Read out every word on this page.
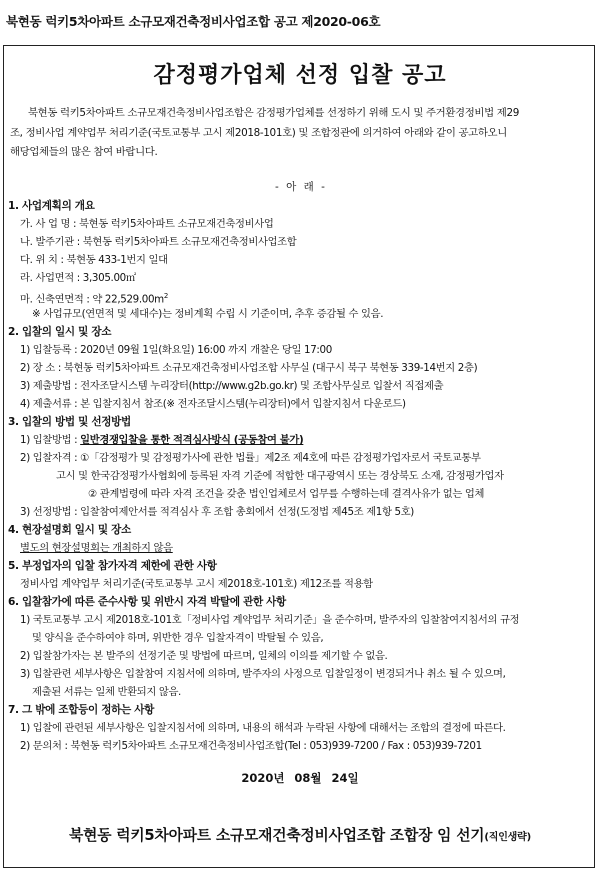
북현동 럭키5차아파트 소규모재건축정비사업조합 공고 제2020-06호
감정평가업체 선정 입찰 공고
북현동 럭키5차아파트 소규모재건축정비사업조합은 감정평가업체를 선정하기 위해 도시 및 주거환경정비법 제29
조, 정비사업 계약업무 처리기준(국토교통부 고시 제2018-101호) 및 조합정관에 의거하여 아래와 같이 공고하오니
해당업체들의 많은 참여 바랍니다.
- 아 래 -
1. 사업계획의 개요
가. 사 업 명 : 북현동 럭키5차아파트 소규모재건축정비사업
나. 발주기관 : 북현동 럭키5차아파트 소규모재건축정비사업조합
다. 위 치 : 북현동 433-1번지 일대
라. 사업면적 : 3,305.00㎡
마. 신축연면적 : 약 $22,529.00m^2$
※ 사업규모(연면적 및 세대수)는 정비계획 수립 시 기준이며, 추후 증감될 수 있음.
2. 입찰의 일시 및 장소
1) 입찰등록 : 2020년 09월 1일(화요일) 16:00 까지 개찰은 당일 17:00
2) 장 소 : 북현동 럭키5차아파트 소규모재건축정비사업조합 사무실 (대구시 북구 북현동 339-14번지 2층)
3) 제출방법 : 전자조달시스템 누리장터(http://www.g2b.go.kr) 및 조합사무실로 입찰서 직접제출
4) 제출서류 : 본 입찰지침서 참조(※ 전자조달시스템(누리장터)에서 입찰지침서 다운로드)
3. 입찰의 방법 및 선정방법
1) 입찰방법 : 일반경쟁입찰을 통한 적격심사방식 (공동참여 불가)
2) 입찰자격 : ①「감정평가 및 감정평가사에 관한 법률」제2조 제4호에 따른 감정평가업자로서 국토교통부
고시 및 한국감정평가사협회에 등록된 자격 기준에 적합한 대구광역시 또는 경상북도 소재, 감정평가업자
② 관계법령에 따라 자격 조건을 갖춘 법인업체로서 업무를 수행하는데 결격사유가 없는 업체
3) 선정방법 : 입찰참여제안서를 적격심사 후 조합 총회에서 선정(도정법 제45조 제1항 5호)
4. 현장설명회 일시 및 장소
별도의 현장설명회는 개최하지 않음
5. 부정업자의 입찰 참가자격 제한에 관한 사항
정비사업 계약업무 처리기준(국토교통부 고시 제2018호-101호) 제12조를 적용함
6. 입찰참가에 따른 준수사항 및 위반시 자격 박탈에 관한 사항
1) 국토교통부 고시 제2018호-101호「정비사업 계약업무 처리기준」을 준수하며, 발주자의 입찰참여지침서의 규정
및 양식을 준수하여야 하며, 위반한 경우 입찰자격이 박탈될 수 있음,
2) 입찰참가자는 본 발주의 선정기준 및 방법에 따르며, 일체의 이의를 제기할 수 없음.
3) 입찰관련 세부사항은 입찰참여 지침서에 의하며, 발주자의 사정으로 입찰일정이 변경되거나 취소 될 수 있으며,
제출된 서류는 일체 반환되지 않음.
7. 그 밖에 조합등이 정하는 사항
1) 입찰에 관련된 세부사항은 입찰지침서에 의하며, 내용의 해석과 누락된 사항에 대해서는 조합의 결정에 따른다.
2) 문의처 : 북현동 럭키5차아파트 소규모재건축정비사업조합(Tel : 053)939-7200 / Fax : 053)939-7201
2020년 08월 24일
북현동 럭키5차아파트 소규모재건축정비사업조합 조합장 임 선기(직인생략)
